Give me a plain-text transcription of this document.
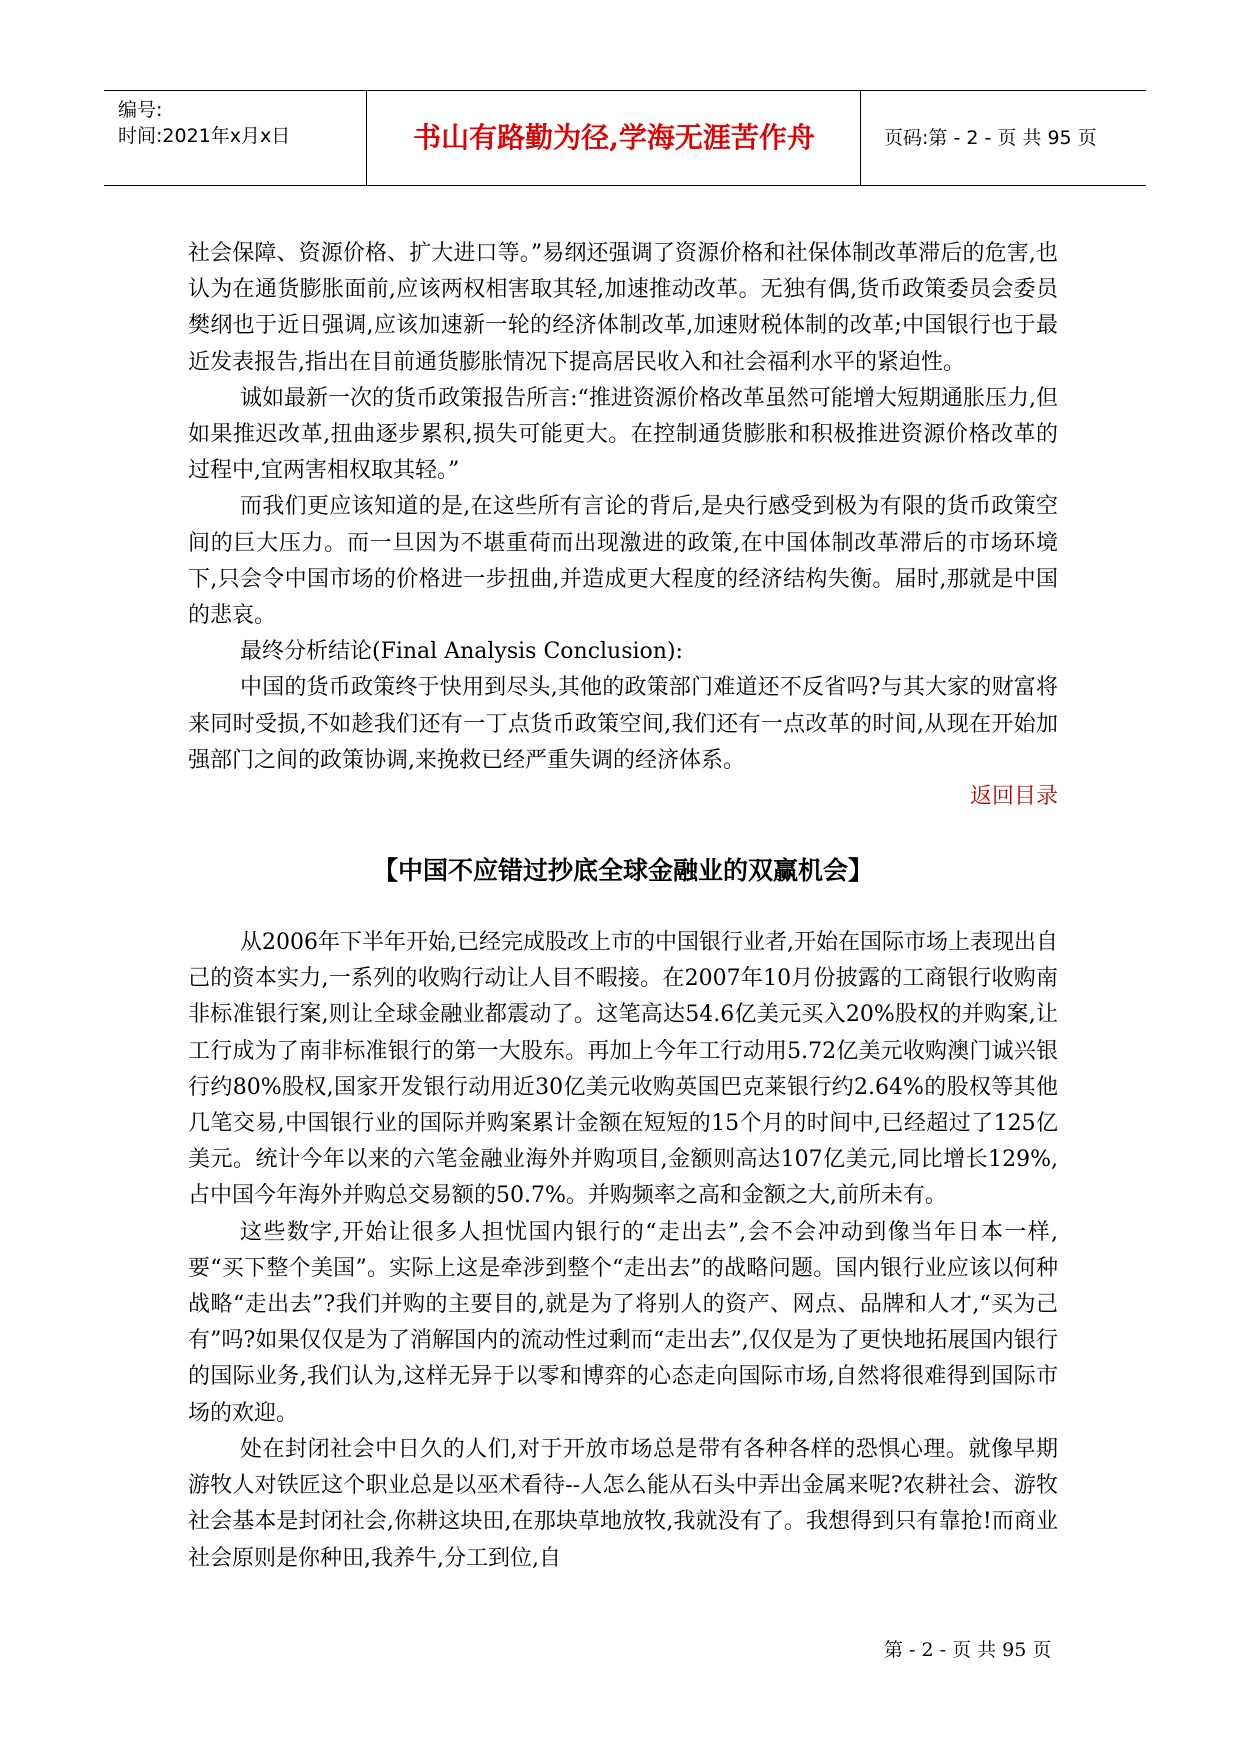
编号:
时间:2021年x月x日	书山有路勤为径,学海无涯苦作舟	页码:第 - 2 - 页 共 95 页

社会保障、资源价格、扩大进口等。”易纲还强调了资源价格和社保体制改革滞后的危害,也认为在通货膨胀面前,应该两权相害取其轻,加速推动改革。无独有偶,货币政策委员会委员樊纲也于近日强调,应该加速新一轮的经济体制改革,加速财税体制的改革;中国银行也于最近发表报告,指出在目前通货膨胀情况下提高居民收入和社会福利水平的紧迫性。

诚如最新一次的货币政策报告所言:“推进资源价格改革虽然可能增大短期通胀压力,但如果推迟改革,扭曲逐步累积,损失可能更大。在控制通货膨胀和积极推进资源价格改革的过程中,宜两害相权取其轻。”

而我们更应该知道的是,在这些所有言论的背后,是央行感受到极为有限的货币政策空间的巨大压力。而一旦因为不堪重荷而出现激进的政策,在中国体制改革滞后的市场环境下,只会令中国市场的价格进一步扭曲,并造成更大程度的经济结构失衡。届时,那就是中国的悲哀。

最终分析结论(Final Analysis Conclusion):

中国的货币政策终于快用到尽头,其他的政策部门难道还不反省吗?与其大家的财富将来同时受损,不如趁我们还有一丁点货币政策空间,我们还有一点改革的时间,从现在开始加强部门之间的政策协调,来挽救已经严重失调的经济体系。

返回目录

【中国不应错过抄底全球金融业的双赢机会】

从2006年下半年开始,已经完成股改上市的中国银行业者,开始在国际市场上表现出自己的资本实力,一系列的收购行动让人目不暇接。在2007年10月份披露的工商银行收购南非标准银行案,则让全球金融业都震动了。这笔高达54.6亿美元买入20%股权的并购案,让工行成为了南非标准银行的第一大股东。再加上今年工行动用5.72亿美元收购澳门诚兴银行约80%股权,国家开发银行动用近30亿美元收购英国巴克莱银行约2.64%的股权等其他几笔交易,中国银行业的国际并购案累计金额在短短的15个月的时间中,已经超过了125亿美元。统计今年以来的六笔金融业海外并购项目,金额则高达107亿美元,同比增长129%,占中国今年海外并购总交易额的50.7%。并购频率之高和金额之大,前所未有。

这些数字,开始让很多人担忧国内银行的“走出去”,会不会冲动到像当年日本一样,要“买下整个美国”。实际上这是牵涉到整个“走出去”的战略问题。国内银行业应该以何种战略“走出去”?我们并购的主要目的,就是为了将别人的资产、网点、品牌和人才,“买为己有”吗?如果仅仅是为了消解国内的流动性过剩而“走出去”,仅仅是为了更快地拓展国内银行的国际业务,我们认为,这样无异于以零和博弈的心态走向国际市场,自然将很难得到国际市场的欢迎。

处在封闭社会中日久的人们,对于开放市场总是带有各种各样的恐惧心理。就像早期游牧人对铁匠这个职业总是以巫术看待--人怎么能从石头中弄出金属来呢?农耕社会、游牧社会基本是封闭社会,你耕这块田,在那块草地放牧,我就没有了。我想得到只有靠抢!而商业社会原则是你种田,我养牛,分工到位,自

第 - 2 - 页 共 95 页
